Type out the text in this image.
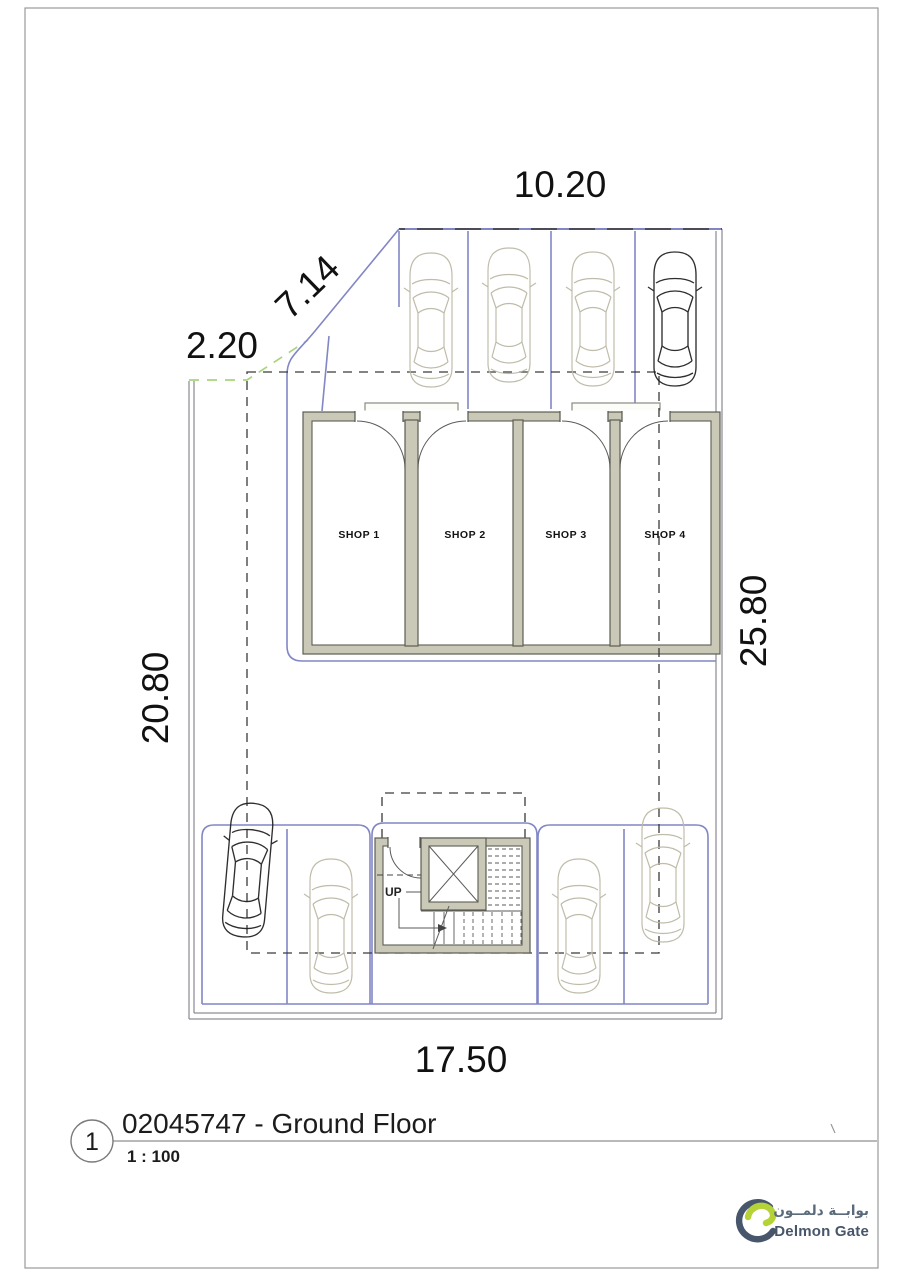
SHOP 1	SHOP 2	SHOP 3	SHOP 4
UP
10.20
7.14
2.20
20.80
25.80
17.50
1
02045747 - Ground Floor
1 : 100
بوابــة دلمــون
Delmon Gate
